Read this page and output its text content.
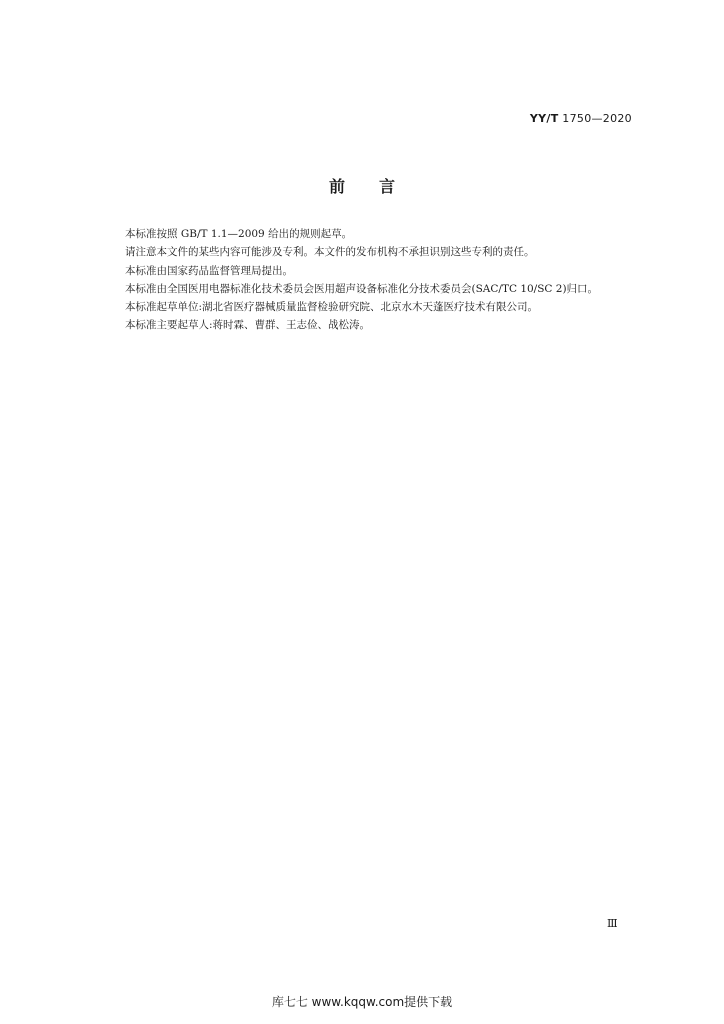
YY/T 1750—2020
前言

本标准按照 GB/T 1.1—2009 给出的规则起草。

请注意本文件的某些内容可能涉及专利。本文件的发布机构不承担识别这些专利的责任。

本标准由国家药品监督管理局提出。

本标准由全国医用电器标准化技术委员会医用超声设备标准化分技术委员会(SAC/TC 10/SC 2)归口。

本标准起草单位:湖北省医疗器械质量监督检验研究院、北京水木天蓬医疗技术有限公司。

本标准主要起草人:蒋时霖、曹群、王志俭、战松涛。

Ⅲ
库七七 www.kqqw.com提供下载
